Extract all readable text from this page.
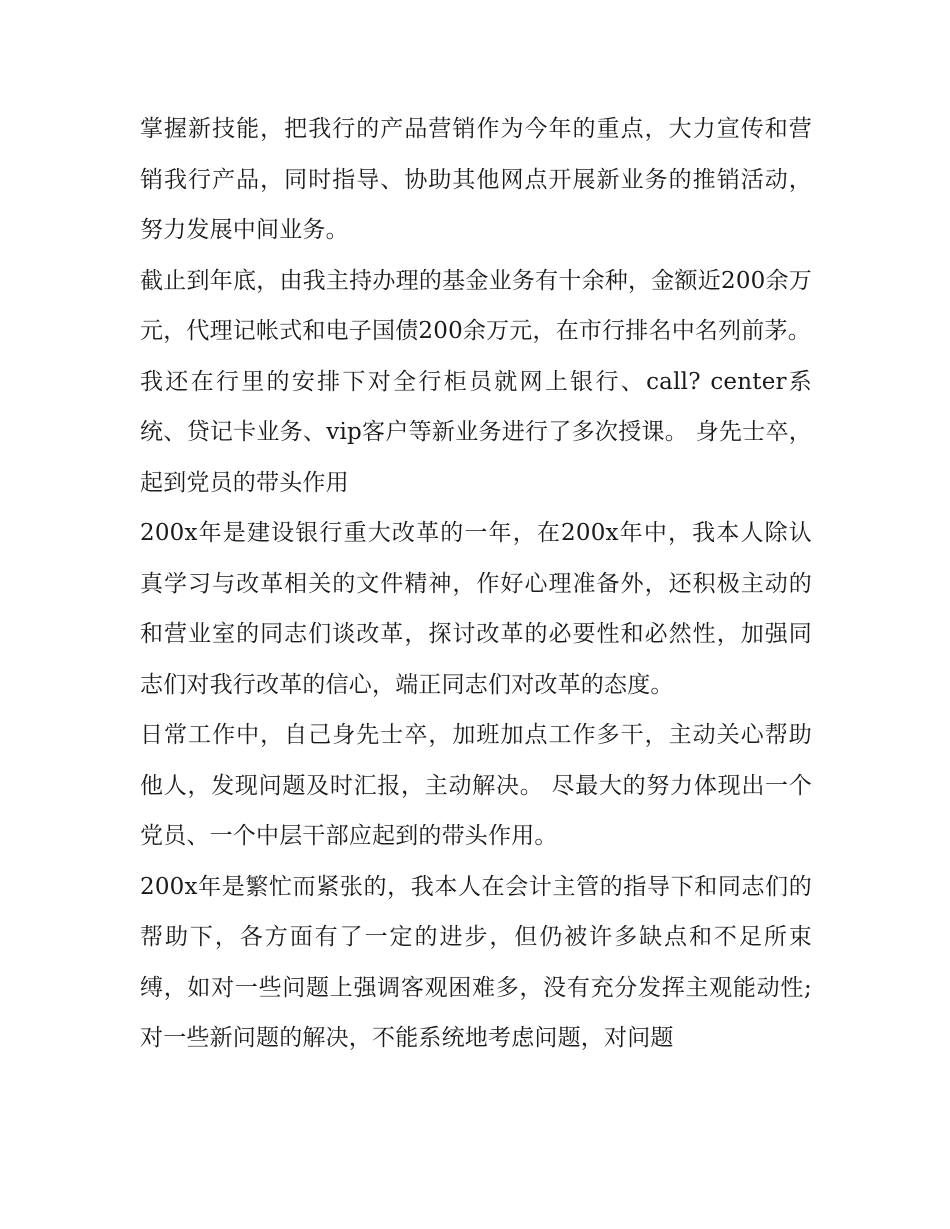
掌握新技能，把我行的产品营销作为今年的重点，大力宣传和营销我行产品，同时指导、协助其他网点开展新业务的推销活动，努力发展中间业务。

截止到年底，由我主持办理的基金业务有十余种，金额近200余万元，代理记帐式和电子国债200余万元，在市行排名中名列前茅。

我还在行里的安排下对全行柜员就网上银行、call? center系统、贷记卡业务、vip客户等新业务进行了多次授课。 身先士卒，起到党员的带头作用

200x年是建设银行重大改革的一年，在200x年中，我本人除认真学习与改革相关的文件精神，作好心理准备外，还积极主动的和营业室的同志们谈改革，探讨改革的必要性和必然性，加强同志们对我行改革的信心，端正同志们对改革的态度。

日常工作中，自己身先士卒，加班加点工作多干，主动关心帮助他人，发现问题及时汇报，主动解决。 尽最大的努力体现出一个党员、一个中层干部应起到的带头作用。

200x年是繁忙而紧张的，我本人在会计主管的指导下和同志们的帮助下，各方面有了一定的进步，但仍被许多缺点和不足所束缚，如对一些问题上强调客观困难多，没有充分发挥主观能动性;对一些新问题的解决，不能系统地考虑问题，对问题
